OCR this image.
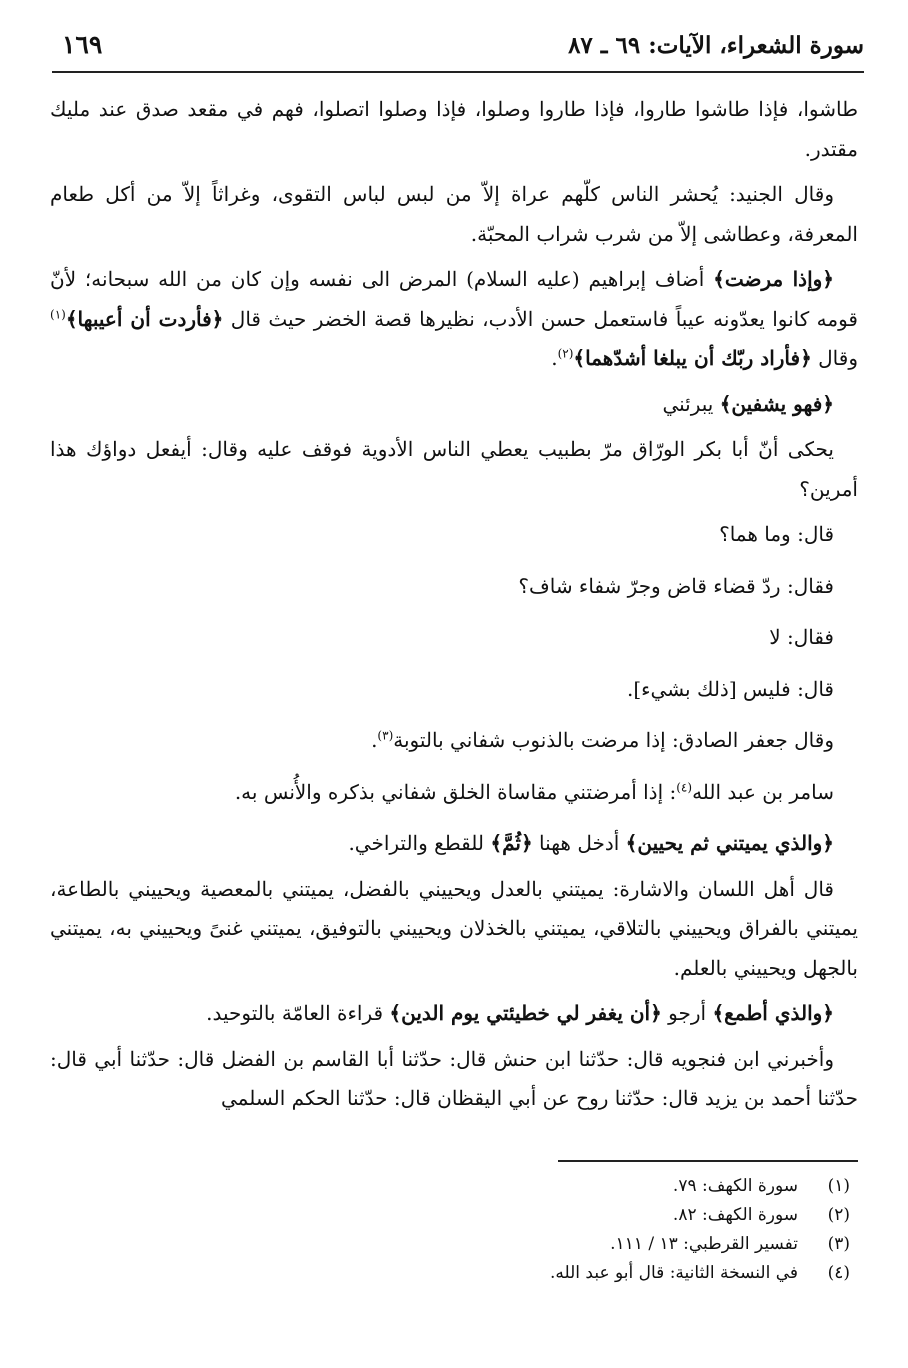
سورة الشعراء، الآيات: ٦٩ ـ ٨٧
١٦٩

طاشوا، فإذا طاشوا طاروا، فإذا طاروا وصلوا، فإذا وصلوا اتصلوا، فهم في مقعد صدق عند مليك مقتدر.

وقال الجنيد: يُحشر الناس كلّهم عراة إلاّ من لبس لباس التقوى، وغراثاً إلاّ من أكل طعام المعرفة، وعطاشى إلاّ من شرب شراب المحبّة.

﴿وإذا مرضت﴾ أضاف إبراهيم (عليه السلام) المرض الى نفسه وإن كان من الله سبحانه؛ لأنّ قومه كانوا يعدّونه عيباً فاستعمل حسن الأدب، نظيرها قصة الخضر حيث قال ﴿فأردت أن أعيبها﴾$^{(١)}$ وقال ﴿فأراد ربّك أن يبلغا أشدّهما﴾$^{(٢)}$.

﴿فهو يشفين﴾ يبرئني

يحكى أنّ أبا بكر الورّاق مرّ بطبيب يعطي الناس الأدوية فوقف عليه وقال: أيفعل دواؤك هذا أمرين؟

قال: وما هما؟

فقال: ردّ قضاء قاض وجرّ شفاء شاف؟

فقال: لا

قال: فليس [ذلك بشيء].

وقال جعفر الصادق: إذا مرضت بالذنوب شفاني بالتوبة$^{(٣)}$.

سامر بن عبد الله$^{(٤)}$: إذا أمرضتني مقاساة الخلق شفاني بذكره والأُنس به.

﴿والذي يميتني ثم يحيين﴾ أدخل ههنا ﴿ثُمَّ﴾ للقطع والتراخي.

قال أهل اللسان والاشارة: يميتني بالعدل ويحييني بالفضل، يميتني بالمعصية ويحييني بالطاعة، يميتني بالفراق ويحييني بالتلاقي، يميتني بالخذلان ويحييني بالتوفيق، يميتني غنىً ويحييني به، يميتني بالجهل ويحييني بالعلم.

﴿والذي أطمع﴾ أرجو ﴿أن يغفر لي خطيئتي يوم الدين﴾ قراءة العامّة بالتوحيد.

وأخبرني ابن فنجويه قال: حدّثنا ابن حنش قال: حدّثنا أبا القاسم بن الفضل قال: حدّثنا أبي قال: حدّثنا أحمد بن يزيد قال: حدّثنا روح عن أبي اليقظان قال: حدّثنا الحكم السلمي

(١)سورة الكهف: ٧٩.
(٢)سورة الكهف: ٨٢.
(٣)تفسير القرطبي: ١٣ / ١١١.
(٤)في النسخة الثانية: قال أبو عبد الله.
